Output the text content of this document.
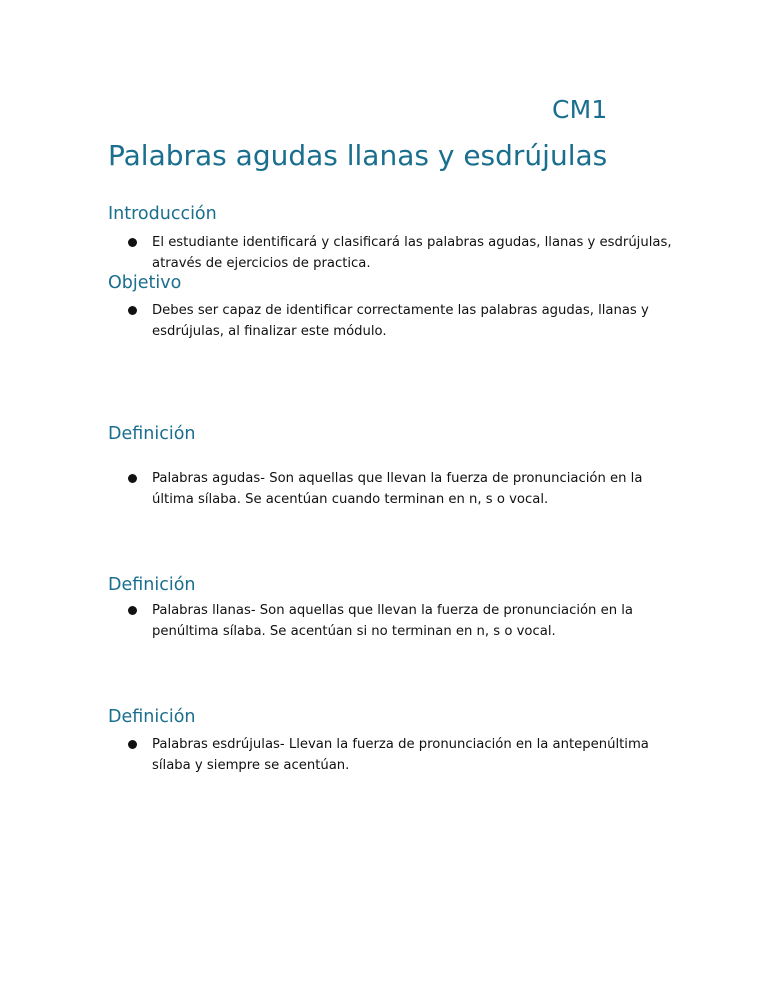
CM1
Palabras agudas llanas y esdrújulas
Introducción
El estudiante identificará y clasificará las palabras agudas, llanas y esdrújulas, através de ejercicios de practica.
Objetivo
Debes ser capaz de identificar correctamente las palabras agudas, llanas y esdrújulas, al finalizar este módulo.
Definición
Palabras agudas- Son aquellas que llevan la fuerza de pronunciación en la última sílaba. Se acentúan cuando terminan en n, s o vocal.
Definición
Palabras llanas- Son aquellas que llevan la fuerza de pronunciación en la penúltima sílaba. Se acentúan si no terminan en n, s o vocal.
Definición
Palabras esdrújulas- Llevan la fuerza de pronunciación en la antepenúltima sílaba y siempre se acentúan.
